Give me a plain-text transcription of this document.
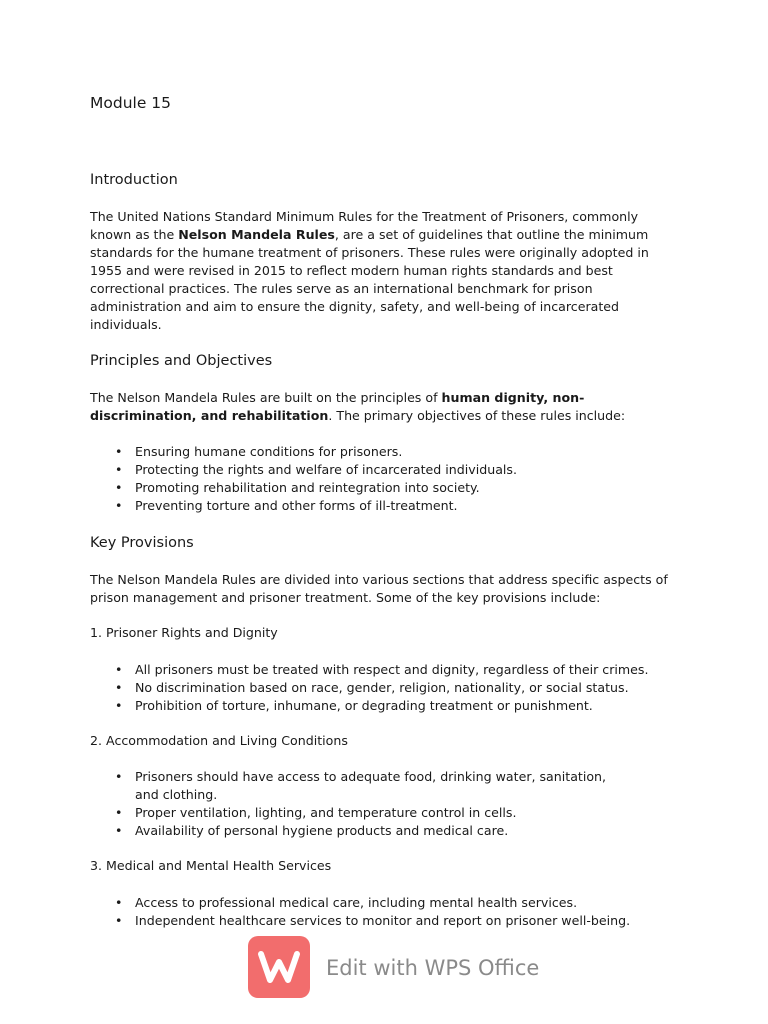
Module 15
Introduction

The United Nations Standard Minimum Rules for the Treatment of Prisoners, commonly known as the Nelson Mandela Rules, are a set of guidelines that outline the minimum standards for the humane treatment of prisoners. These rules were originally adopted in 1955 and were revised in 2015 to reflect modern human rights standards and best correctional practices. The rules serve as an international benchmark for prison administration and aim to ensure the dignity, safety, and well-being of incarcerated individuals.

Principles and Objectives

The Nelson Mandela Rules are built on the principles of human dignity, non-discrimination, and rehabilitation. The primary objectives of these rules include:

• Ensuring humane conditions for prisoners.
• Protecting the rights and welfare of incarcerated individuals.
• Promoting rehabilitation and reintegration into society.
• Preventing torture and other forms of ill-treatment.
Key Provisions

The Nelson Mandela Rules are divided into various sections that address specific aspects of prison management and prisoner treatment. Some of the key provisions include:

1. Prisoner Rights and Dignity
• All prisoners must be treated with respect and dignity, regardless of their crimes.
• No discrimination based on race, gender, religion, nationality, or social status.
• Prohibition of torture, inhumane, or degrading treatment or punishment.
2. Accommodation and Living Conditions
• Prisoners should have access to adequate food, drinking water, sanitation, and clothing.
• Proper ventilation, lighting, and temperature control in cells.
• Availability of personal hygiene products and medical care.
3. Medical and Mental Health Services
• Access to professional medical care, including mental health services.
• Independent healthcare services to monitor and report on prisoner well-being.
Edit with WPS Office
